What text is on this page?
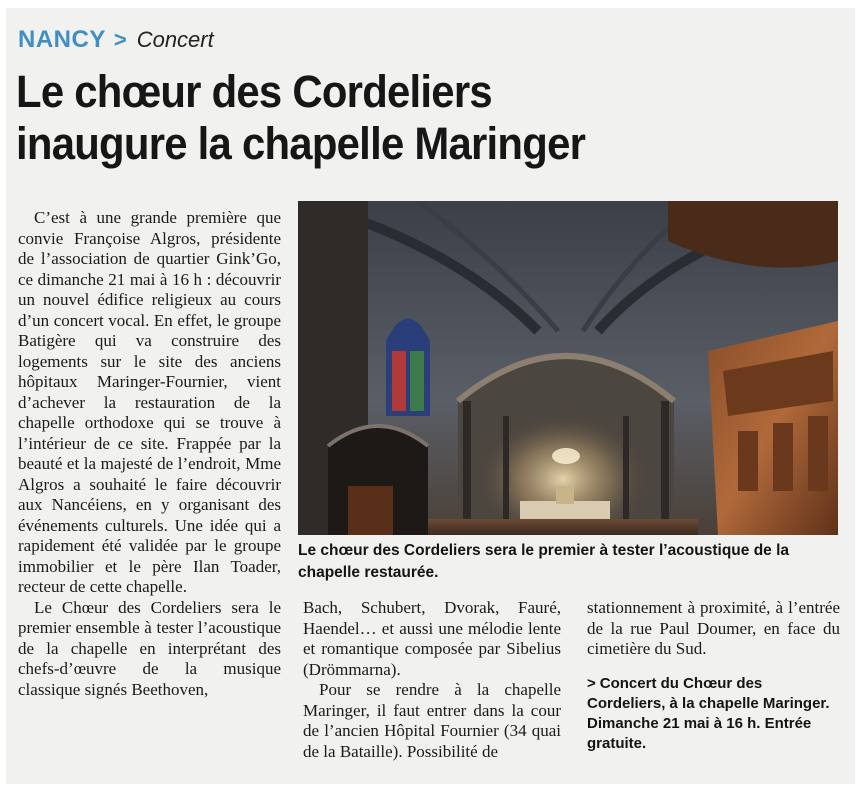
NANCY > Concert
Le chœur des Cordeliers
inaugure la chapelle Maringer

C’est à une grande première que convie Françoise Algros, présidente de l’association de quartier Gink’Go, ce dimanche 21 mai à 16 h : découvrir un nouvel édifice religieux au cours d’un concert vocal. En effet, le groupe Batigère qui va construire des logements sur le site des anciens hôpitaux Maringer-Fournier, vient d’achever la restauration de la chapelle orthodoxe qui se trouve à l’intérieur de ce site. Frappée par la beauté et la majesté de l’endroit, Mme Algros a souhaité le faire découvrir aux Nancéiens, en y organisant des événements culturels. Une idée qui a rapidement été validée par le groupe immobilier et le père Ilan Toader, recteur de cette chapelle.

Le Chœur des Cordeliers sera le premier ensemble à tester l’acoustique de la chapelle en interprétant des chefs-d’œuvre de la musique classique signés Beethoven,

Le chœur des Cordeliers sera le premier à tester l’acoustique de la chapelle restaurée.

Bach, Schubert, Dvorak, Fauré, Haendel… et aussi une mélodie lente et romantique composée par Sibelius (Drömmarna).

Pour se rendre à la chapelle Maringer, il faut entrer dans la cour de l’ancien Hôpital Fournier (34 quai de la Bataille). Possibilité de

stationnement à proximité, à l’entrée de la rue Paul Doumer, en face du cimetière du Sud.

> Concert du Chœur des Cordeliers, à la chapelle Maringer.
Dimanche 21 mai à 16 h. Entrée gratuite.
